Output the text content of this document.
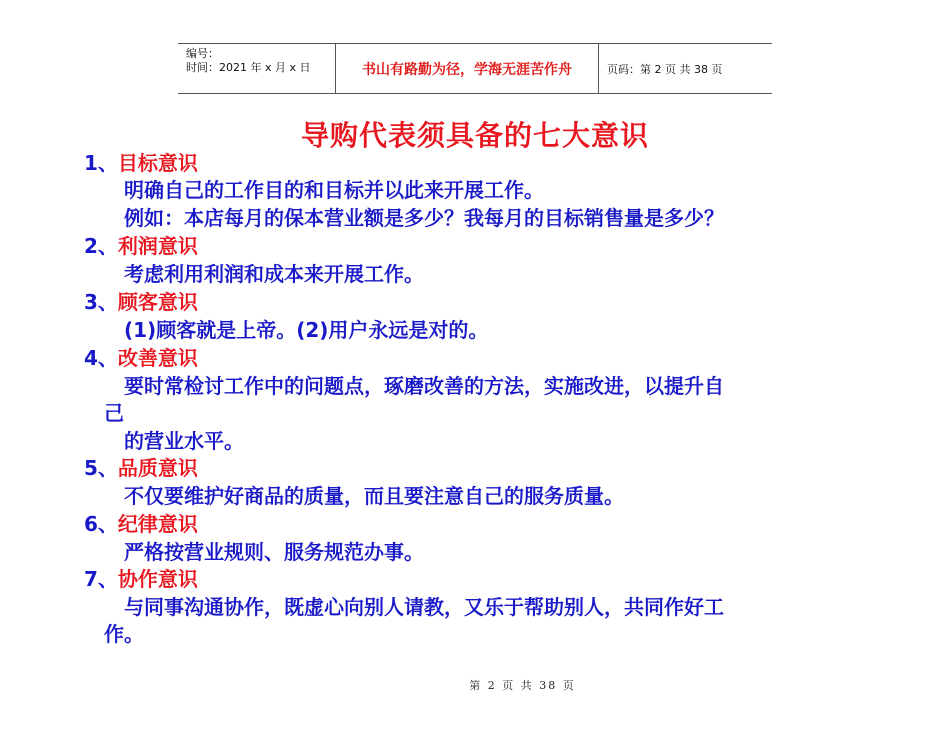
编号：
时间：2021 年 x 月 x 日	书山有路勤为径，学海无涯苦作舟	页码：第 2 页 共 38 页
导购代表须具备的七大意识
1、目标意识
明确自己的工作目的和目标并以此来开展工作。
例如：本店每月的保本营业额是多少？我每月的目标销售量是多少？
2、利润意识
考虑利用利润和成本来开展工作。
3、顾客意识
(1)顾客就是上帝。(2)用户永远是对的。
4、改善意识
要时常检讨工作中的问题点，琢磨改善的方法，实施改进，以提升自
己
的营业水平。
5、品质意识
不仅要维护好商品的质量，而且要注意自己的服务质量。
6、纪律意识
严格按营业规则、服务规范办事。
7、协作意识
与同事沟通协作，既虚心向别人请教，又乐于帮助别人，共同作好工
作。
第 2 页 共 38 页
